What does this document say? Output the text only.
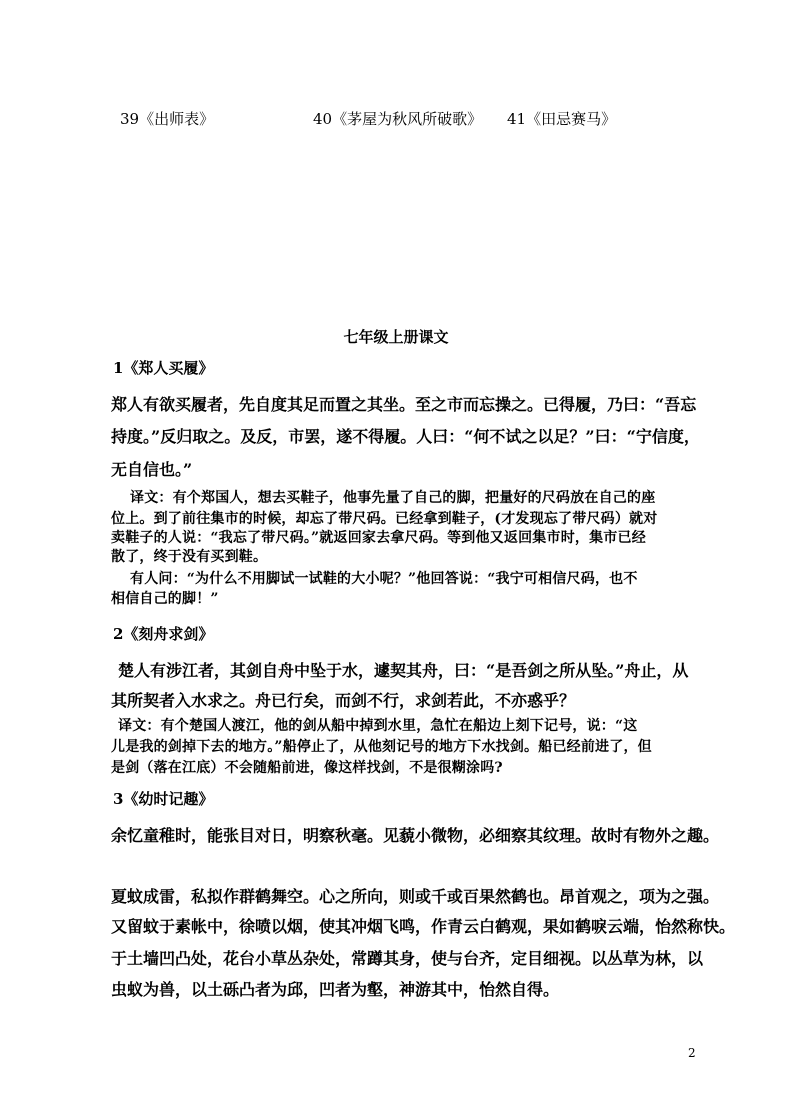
39《出师表》	40《茅屋为秋风所破歌》 41《田忌赛马》
七年级上册课文
1《郑人买履》
郑人有欲买履者，先自度其足而置之其坐。至之市而忘操之。已得履，乃曰：“吾忘
持度。”反归取之。及反，市罢，遂不得履。人曰：“何不试之以足？”曰：“宁信度，
无自信也。”
译文：有个郑国人，想去买鞋子，他事先量了自己的脚，把量好的尺码放在自己的座
位上。到了前往集市的时候，却忘了带尺码。已经拿到鞋子，(才发现忘了带尺码）就对
卖鞋子的人说：“我忘了带尺码。”就返回家去拿尺码。等到他又返回集市时，集市已经
散了，终于没有买到鞋。
有人问：“为什么不用脚试一试鞋的大小呢？”他回答说：“我宁可相信尺码，也不
相信自己的脚！”
2《刻舟求剑》
楚人有涉江者，其剑自舟中坠于水，遽契其舟，曰：“是吾剑之所从坠。”舟止，从
其所契者入水求之。舟已行矣，而剑不行，求剑若此，不亦惑乎？
译文：有个楚国人渡江，他的剑从船中掉到水里，急忙在船边上刻下记号，说：“这
儿是我的剑掉下去的地方。”船停止了，从他刻记号的地方下水找剑。船已经前进了，但
是剑（落在江底）不会随船前进，像这样找剑，不是很糊涂吗?
3《幼时记趣》
余忆童稚时，能张目对日，明察秋毫。见藐小微物，必细察其纹理。故时有物外之趣。
夏蚊成雷，私拟作群鹤舞空。心之所向，则或千或百果然鹤也。昂首观之，项为之强。
又留蚊于素帐中，徐喷以烟，使其冲烟飞鸣，作青云白鹤观，果如鹤唳云端，怡然称快。
于土墙凹凸处，花台小草丛杂处，常蹲其身，使与台齐，定目细视。以丛草为林，以
虫蚁为兽，以土砾凸者为邱，凹者为壑，神游其中，怡然自得。
2
